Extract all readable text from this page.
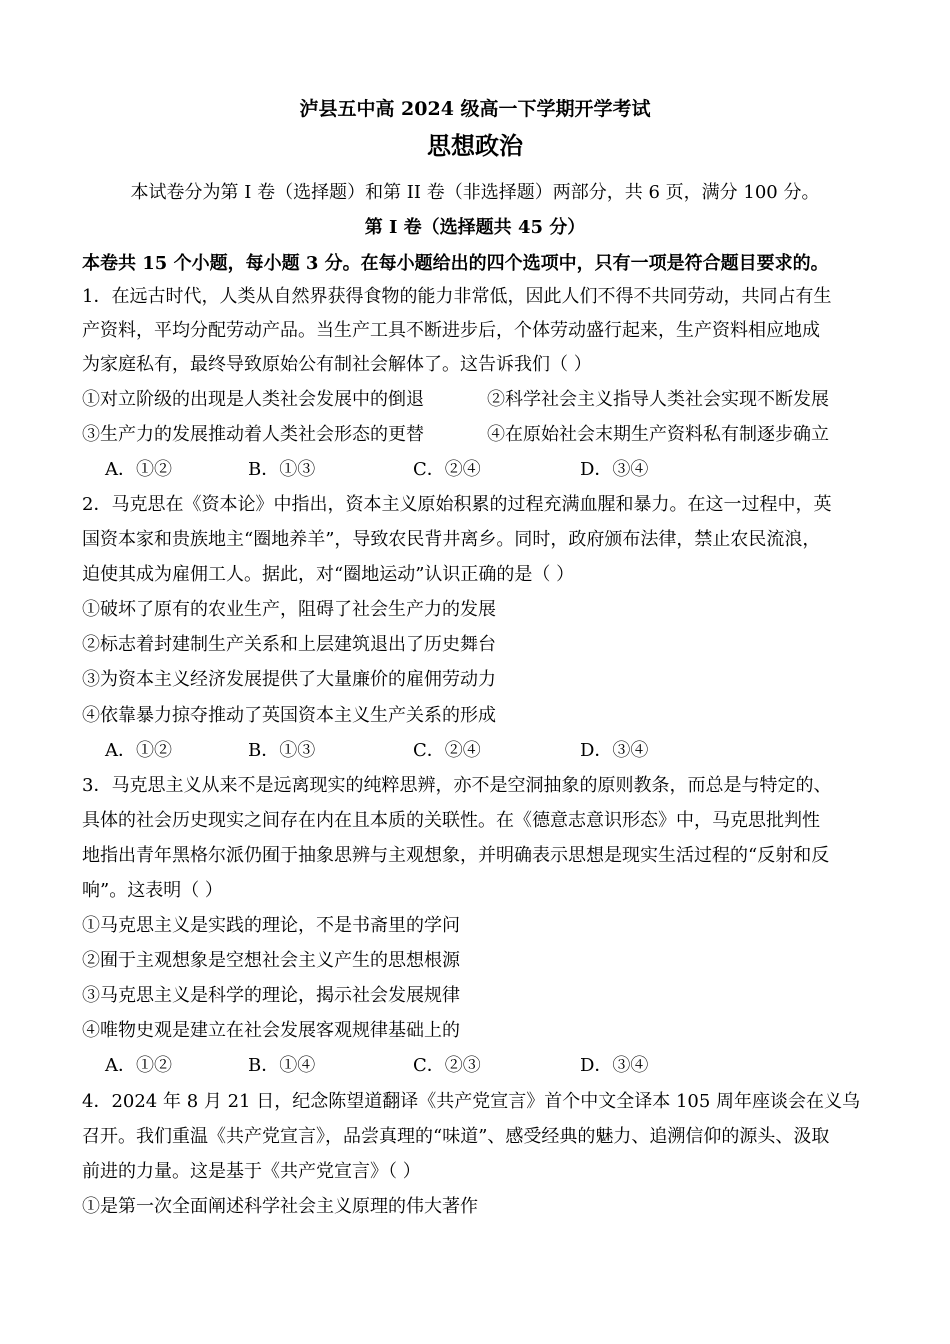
泸县五中高 2024 级高一下学期开学考试
思想政治
本试卷分为第 I 卷（选择题）和第 II 卷（非选择题）两部分，共 6 页，满分 100 分。
第 I 卷（选择题共 45 分）
本卷共 15 个小题，每小题 3 分。在每小题给出的四个选项中，只有一项是符合题目要求的。
1．在远古时代，人类从自然界获得食物的能力非常低，因此人们不得不共同劳动，共同占有生
产资料，平均分配劳动产品。当生产工具不断进步后，个体劳动盛行起来，生产资料相应地成
为家庭私有，最终导致原始公有制社会解体了。这告诉我们（ ）
①对立阶级的出现是人类社会发展中的倒退	②科学社会主义指导人类社会实现不断发展
③生产力的发展推动着人类社会形态的更替	④在原始社会末期生产资料私有制逐步确立
A．①②	B．①③	C．②④	D．③④
2．马克思在《资本论》中指出，资本主义原始积累的过程充满血腥和暴力。在这一过程中，英
国资本家和贵族地主“圈地养羊”，导致农民背井离乡。同时，政府颁布法律，禁止农民流浪，
迫使其成为雇佣工人。据此，对“圈地运动”认识正确的是（ ）
①破坏了原有的农业生产，阻碍了社会生产力的发展
②标志着封建制生产关系和上层建筑退出了历史舞台
③为资本主义经济发展提供了大量廉价的雇佣劳动力
④依靠暴力掠夺推动了英国资本主义生产关系的形成
A．①②	B．①③	C．②④	D．③④
3．马克思主义从来不是远离现实的纯粹思辨，亦不是空洞抽象的原则教条，而总是与特定的、
具体的社会历史现实之间存在内在且本质的关联性。在《德意志意识形态》中，马克思批判性
地指出青年黑格尔派仍囿于抽象思辨与主观想象，并明确表示思想是现实生活过程的“反射和反
响”。这表明（ ）
①马克思主义是实践的理论，不是书斋里的学问
②囿于主观想象是空想社会主义产生的思想根源
③马克思主义是科学的理论，揭示社会发展规律
④唯物史观是建立在社会发展客观规律基础上的
A．①②	B．①④	C．②③	D．③④
4．2024 年 8 月 21 日，纪念陈望道翻译《共产党宣言》首个中文全译本 105 周年座谈会在义乌
召开。我们重温《共产党宣言》，品尝真理的“味道”、感受经典的魅力、追溯信仰的源头、汲取
前进的力量。这是基于《共产党宣言》（ ）
①是第一次全面阐述科学社会主义原理的伟大著作
